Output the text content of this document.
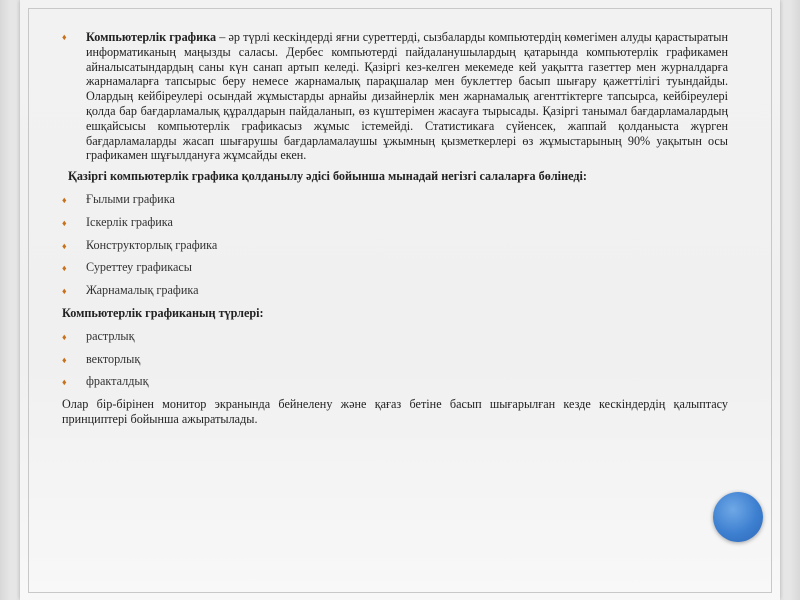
♦ Компьютерлік графика – әр түрлі кескіндерді яғни суреттерді, сызбаларды компьютердің көмегімен алуды қарастыратын информатиканың маңызды саласы. Дербес компьютерді пайдаланушылардың қатарында компьютерлік графикамен айналысатындардың саны күн санап артып келеді. Қазіргі кез-келген мекемеде кей уақытта газеттер мен журналдарға жарнамаларға тапсырыс беру немесе жарнамалық парақшалар мен буклеттер басып шығару қажеттілігі туындайды. Олардың кейбіреулері осындай жұмыстарды арнайы дизайнерлік мен жарнамалық агенттіктерге тапсырса, кейбіреулері қолда бар бағдарламалық құралдарын пайдаланып, өз күштерімен жасауға тырысады. Қазіргі танымал бағдарламалардың ешқайсысы компьютерлік графикасыз жұмыс істемейді. Статистикаға сүйенсек, жаппай қолданыста жүрген бағдарламаларды жасап шығарушы бағдарламалаушы ұжымның қызметкерлері өз жұмыстарының 90% уақытын осы графикамен шұғылдануға жұмсайды екен.

Қазіргі компьютерлік графика қолданылу әдісі бойынша мынадай негізгі салаларға бөлінеді:
♦ Ғылыми графика
♦ Іскерлік графика
♦ Конструкторлық графика
♦ Суреттеу графикасы
♦ Жарнамалық графика
Компьютерлік графиканың түрлері:
♦ растрлық
♦ векторлық
♦ фракталдық

Олар бір-бірінен монитор экранында бейнелену және қағаз бетіне басып шығарылған кезде кескіндердің қалыптасу принциптері бойынша ажыратылады.
